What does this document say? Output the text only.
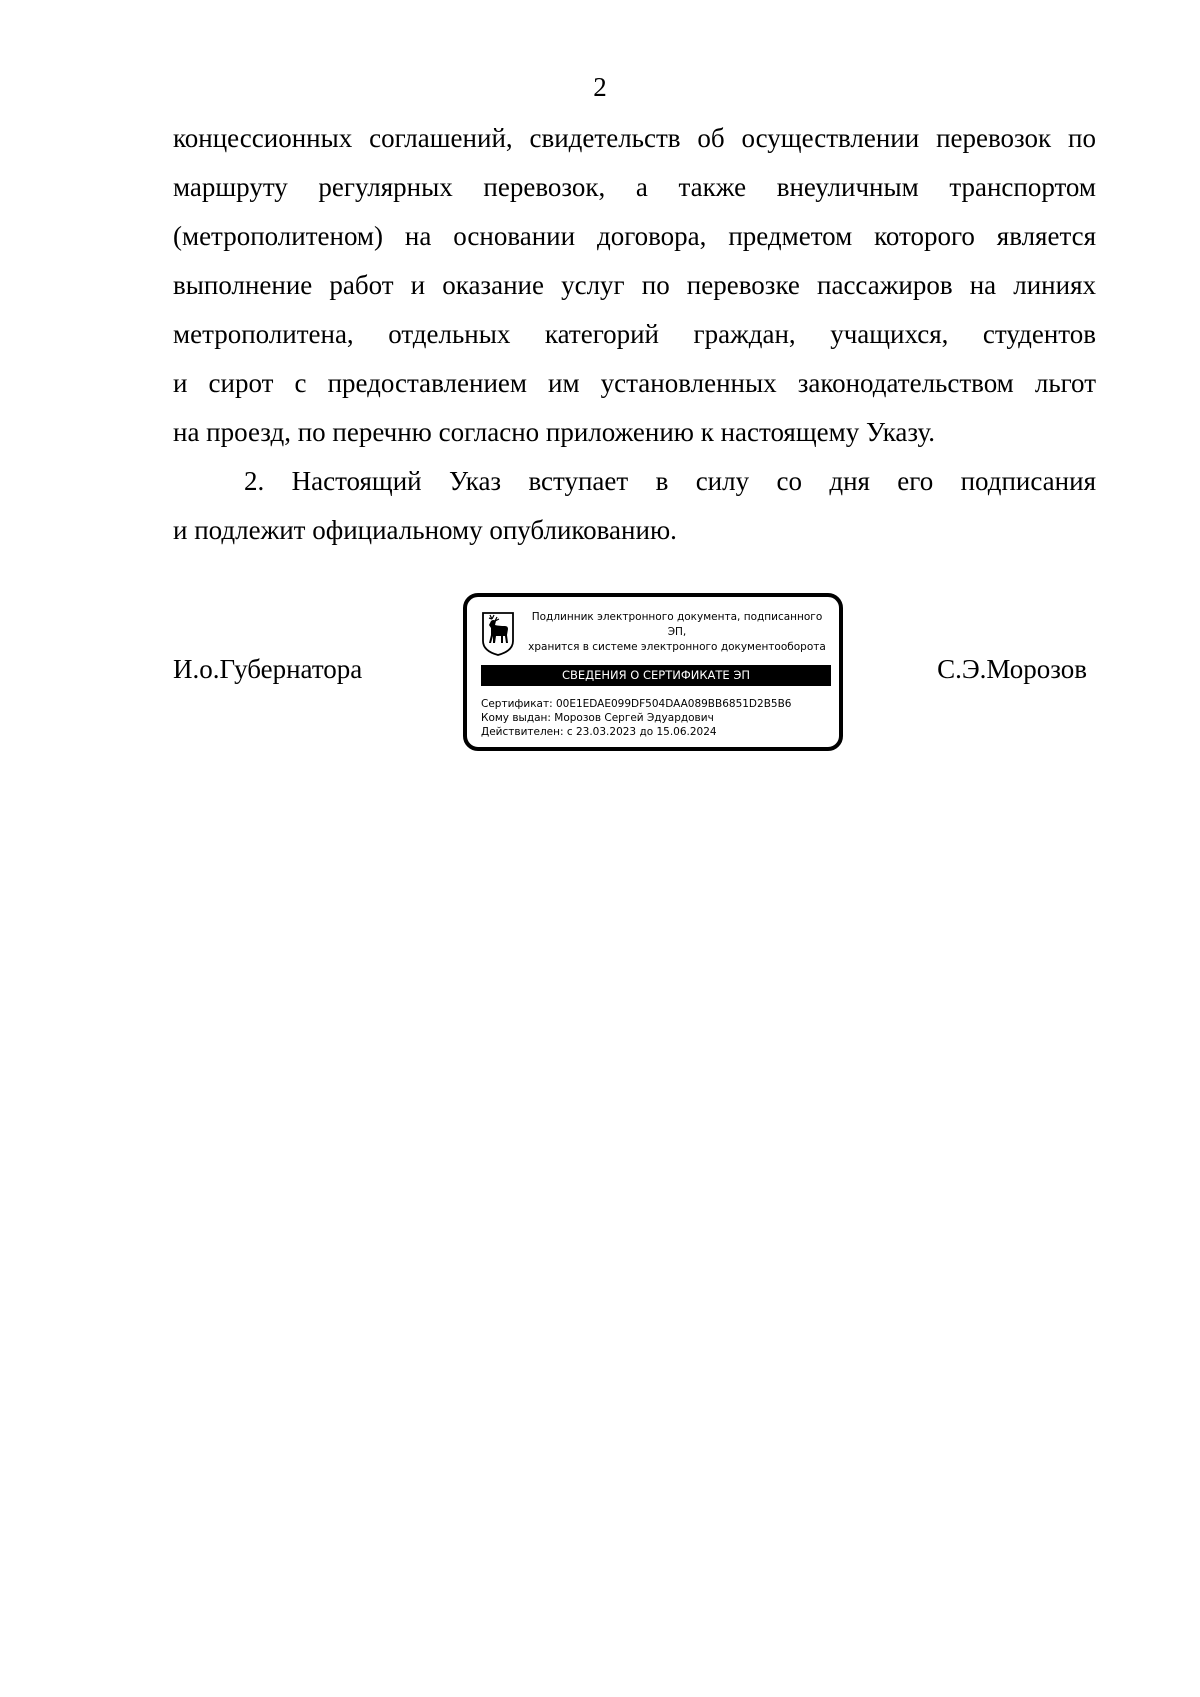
2
концессионных соглашений, свидетельств об осуществлении перевозок по
маршруту регулярных перевозок, а также внеуличным транспортом
(метрополитеном) на основании договора, предметом которого является
выполнение работ и оказание услуг по перевозке пассажиров на линиях
метрополитена, отдельных категорий граждан, учащихся, студентов
и сирот с предоставлением им установленных законодательством льгот
на проезд, по перечню согласно приложению к настоящему Указу.
2. Настоящий Указ вступает в силу со дня его подписания
и подлежит официальному опубликованию.
И.о.Губернатора
Подлинник электронного документа, подписанного ЭП,
хранится в системе электронного документооборота
СВЕДЕНИЯ О СЕРТИФИКАТЕ ЭП
Сертификат: 00E1EDAE099DF504DAA089BB6851D2B5B6
Кому выдан: Морозов Сергей Эдуардович
Действителен: с 23.03.2023 до 15.06.2024
С.Э.Морозов
